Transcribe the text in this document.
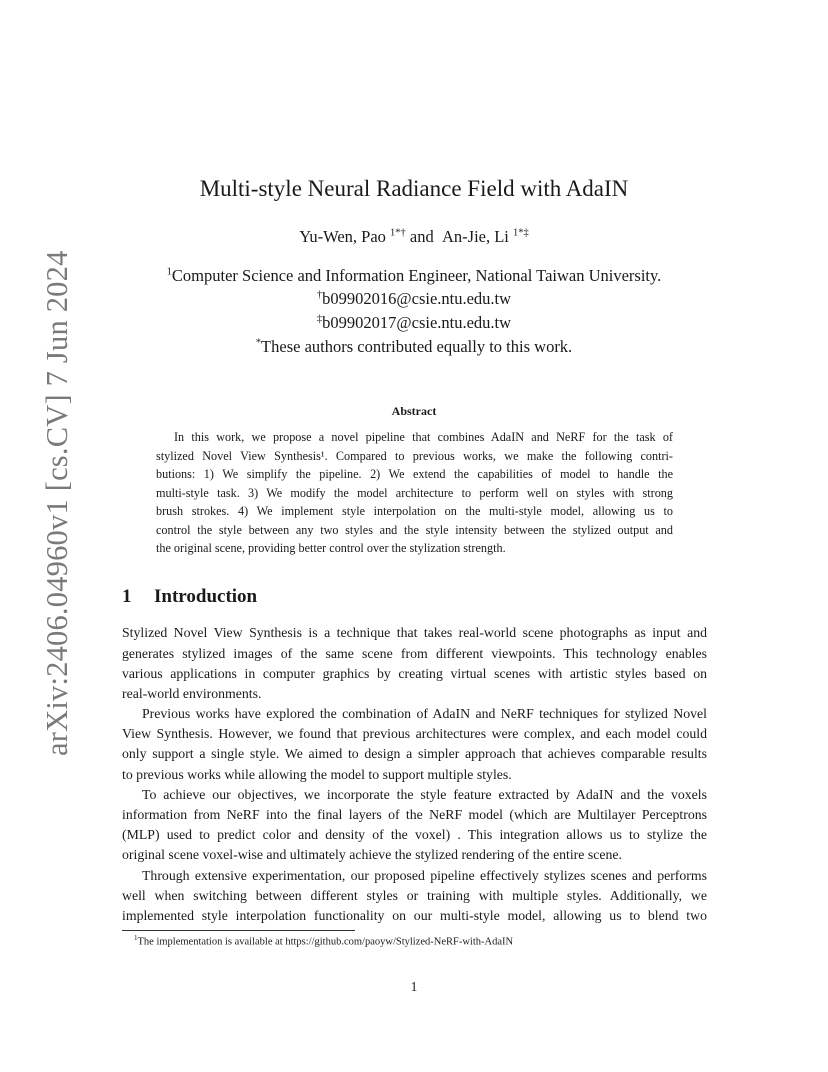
arXiv:2406.04960v1 [cs.CV] 7 Jun 2024
Multi-style Neural Radiance Field with AdaIN
Yu-Wen, Pao $^{1*\dagger}$ and An-Jie, Li $^{1*\ddagger}$
$^1$Computer Science and Information Engineer, National Taiwan University.
†b09902016@csie.ntu.edu.tw
‡b09902017@csie.ntu.edu.tw
*These authors contributed equally to this work.
Abstract
In this work, we propose a novel pipeline that combines AdaIN and NeRF for the task of
stylized Novel View Synthesis¹. Compared to previous works, we make the following contri-
butions: 1) We simplify the pipeline. 2) We extend the capabilities of model to handle the
multi-style task. 3) We modify the model architecture to perform well on styles with strong
brush strokes. 4) We implement style interpolation on the multi-style model, allowing us to
control the style between any two styles and the style intensity between the stylized output and
the original scene, providing better control over the stylization strength.
1 Introduction
Stylized Novel View Synthesis is a technique that takes real-world scene photographs as input and
generates stylized images of the same scene from different viewpoints. This technology enables
various applications in computer graphics by creating virtual scenes with artistic styles based on
real-world environments.
Previous works have explored the combination of AdaIN and NeRF techniques for stylized Novel
View Synthesis. However, we found that previous architectures were complex, and each model could
only support a single style. We aimed to design a simpler approach that achieves comparable results
to previous works while allowing the model to support multiple styles.
To achieve our objectives, we incorporate the style feature extracted by AdaIN and the voxels
information from NeRF into the final layers of the NeRF model (which are Multilayer Perceptrons
(MLP) used to predict color and density of the voxel) . This integration allows us to stylize the
original scene voxel-wise and ultimately achieve the stylized rendering of the entire scene.
Through extensive experimentation, our proposed pipeline effectively stylizes scenes and performs
well when switching between different styles or training with multiple styles. Additionally, we
implemented style interpolation functionality on our multi-style model, allowing us to blend two
$^1$The implementation is available at https://github.com/paoyw/Stylized-NeRF-with-AdaIN
1
